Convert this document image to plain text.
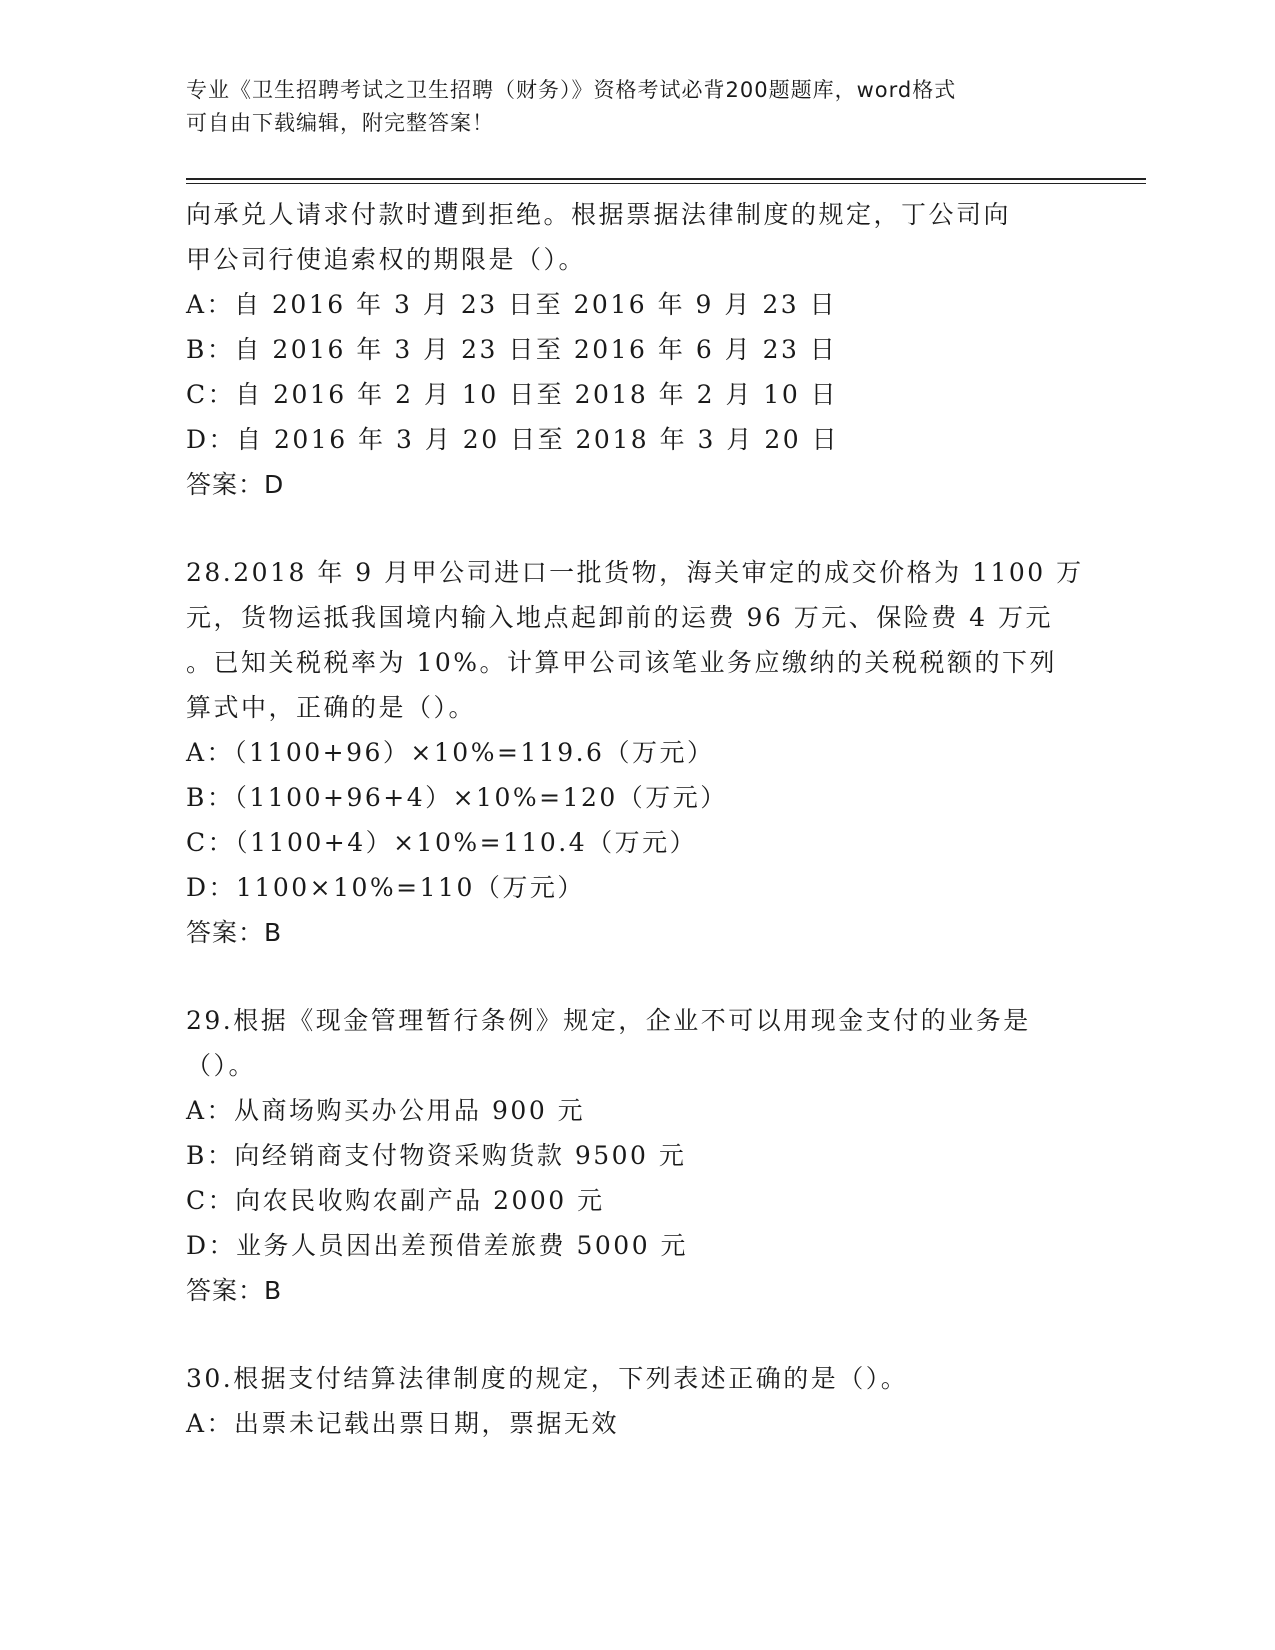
专业《卫生招聘考试之卫生招聘（财务）》资格考试必背200题题库，word格式
可自由下载编辑，附完整答案！
向承兑人请求付款时遭到拒绝。根据票据法律制度的规定，丁公司向
甲公司行使追索权的期限是（）。
A：自 2016 年 3 月 23 日至 2016 年 9 月 23 日
B：自 2016 年 3 月 23 日至 2016 年 6 月 23 日
C：自 2016 年 2 月 10 日至 2018 年 2 月 10 日
D：自 2016 年 3 月 20 日至 2018 年 3 月 20 日
答案：D
28.2018 年 9 月甲公司进口一批货物，海关审定的成交价格为 1100 万
元，货物运抵我国境内输入地点起卸前的运费 96 万元、保险费 4 万元
。已知关税税率为 10%。计算甲公司该笔业务应缴纳的关税税额的下列
算式中，正确的是（）。
A：（1100+96）×10%=119.6（万元）
B：（1100+96+4）×10%=120（万元）
C：（1100+4）×10%=110.4（万元）
D：1100×10%=110（万元）
答案：B
29.根据《现金管理暂行条例》规定，企业不可以用现金支付的业务是
（）。
A：从商场购买办公用品 900 元
B：向经销商支付物资采购货款 9500 元
C：向农民收购农副产品 2000 元
D：业务人员因出差预借差旅费 5000 元
答案：B
30.根据支付结算法律制度的规定，下列表述正确的是（）。
A：出票未记载出票日期，票据无效
